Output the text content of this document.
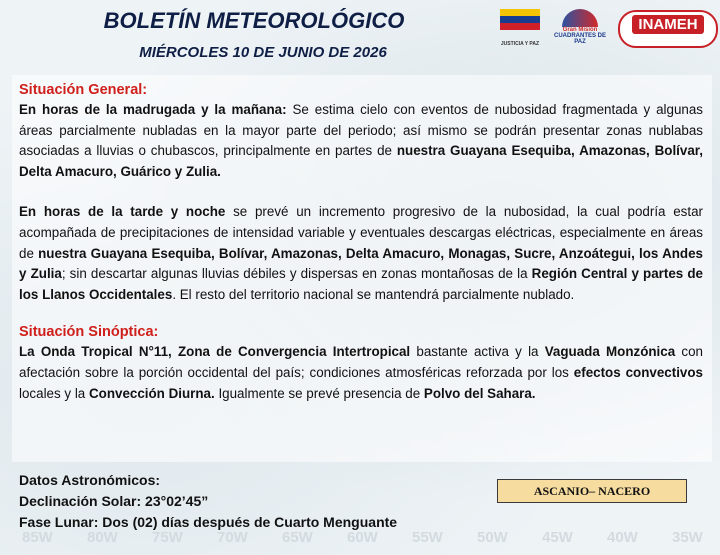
85W 80W 75W 70W 65W 60W 55W 50W 45W 40W 35W
BOLETÍN METEOROLÓGICO
MIÉRCOLES 10 DE JUNIO DE 2026	JUSTICIA Y PAZ
Gran Misión
CUADRANTES DE PAZ
INAMEH
Situación General:

En horas de la madrugada y la mañana: Se estima cielo con eventos de nubosidad fragmentada y algunas áreas parcialmente nubladas en la mayor parte del periodo; así mismo se podrán presentar zonas nublabas asociadas a lluvias o chubascos, principalmente en partes de nuestra Guayana Esequiba, Amazonas, Bolívar, Delta Amacuro, Guárico y Zulia.

En horas de la tarde y noche se prevé un incremento progresivo de la nubosidad, la cual podría estar acompañada de precipitaciones de intensidad variable y eventuales descargas eléctricas, especialmente en áreas de nuestra Guayana Esequiba, Bolívar, Amazonas, Delta Amacuro, Monagas, Sucre, Anzoátegui, los Andes y Zulia; sin descartar algunas lluvias débiles y dispersas en zonas montañosas de la Región Central y partes de los Llanos Occidentales. El resto del territorio nacional se mantendrá parcialmente nublado.

Situación Sinóptica:

La Onda Tropical N°11, Zona de Convergencia Intertropical bastante activa y la Vaguada Monzónica con afectación sobre la porción occidental del país; condiciones atmosféricas reforzada por los efectos convectivos locales y la Convección Diurna. Igualmente se prevé presencia de Polvo del Sahara.

Datos Astronómicos:
Declinación Solar: 23°02’45”
Fase Lunar: Dos (02) días después de Cuarto Menguante
ASCANIO– NACERO
